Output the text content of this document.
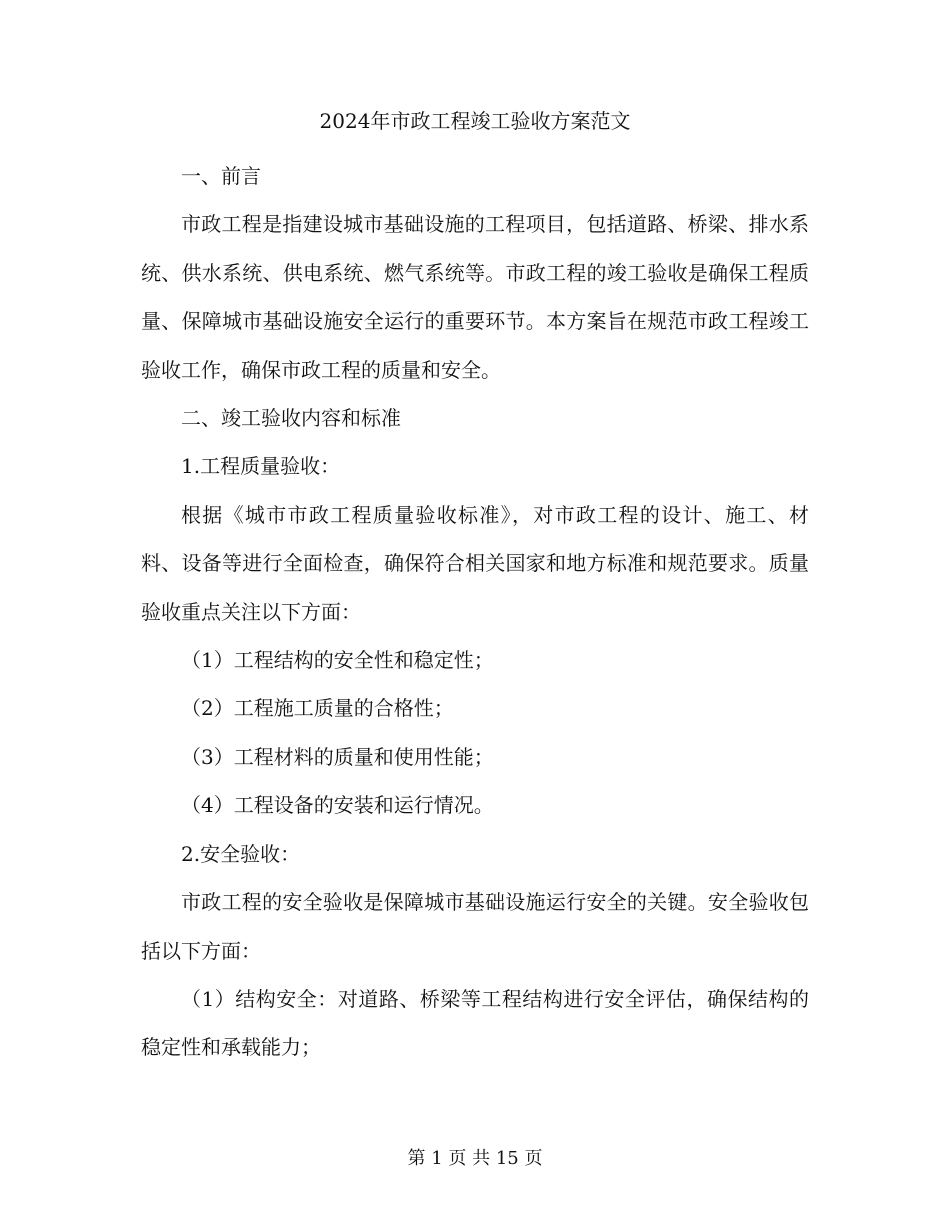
2024年市政工程竣工验收方案范文

一、前言

市政工程是指建设城市基础设施的工程项目，包括道路、桥梁、排水系统、供水系统、供电系统、燃气系统等。市政工程的竣工验收是确保工程质量、保障城市基础设施安全运行的重要环节。本方案旨在规范市政工程竣工验收工作，确保市政工程的质量和安全。

二、竣工验收内容和标准

1.工程质量验收：

根据《城市市政工程质量验收标准》，对市政工程的设计、施工、材料、设备等进行全面检查，确保符合相关国家和地方标准和规范要求。质量验收重点关注以下方面：

（1）工程结构的安全性和稳定性；

（2）工程施工质量的合格性；

（3）工程材料的质量和使用性能；

（4）工程设备的安装和运行情况。

2.安全验收：

市政工程的安全验收是保障城市基础设施运行安全的关键。安全验收包括以下方面：

（1）结构安全：对道路、桥梁等工程结构进行安全评估，确保结构的稳定性和承载能力；

第 1 页 共 15 页
